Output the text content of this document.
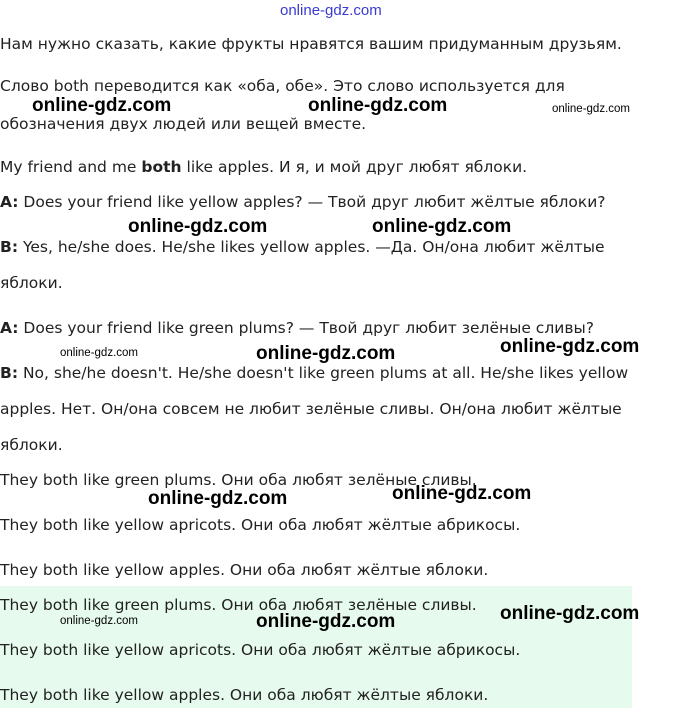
Нам нужно сказать, какие фрукты нравятся вашим придуманным друзьям.

Слово both переводится как «оба, обе». Это слово используется для

обозначения двух людей или вещей вместе.

My friend and me both like apples. И я, и мой друг любят яблоки.

A: Does your friend like yellow apples? — Твой друг любит жёлтые яблоки?

B: Yes, he/she does. He/she likes yellow apples. —Да. Он/она любит жёлтые

яблоки.

A: Does your friend like green plums? — Твой друг любит зелёные сливы?

B: No, she/he doesn't. He/she doesn't like green plums at all. He/she likes yellow

apples. Нет. Он/она совсем не любит зелёные сливы. Он/она любит жёлтые

яблоки.

They both like green plums. Они оба любят зелёные сливы.

They both like yellow apricots. Они оба любят жёлтые абрикосы.

They both like yellow apples. Они оба любят жёлтые яблоки.

They both like green plums. Они оба любят зелёные сливы.

They both like yellow apricots. Они оба любят жёлтые абрикосы.

They both like yellow apples. Они оба любят жёлтые яблоки.

online-gdz.com
online-gdz.com	online-gdz.com	online-gdz.com
online-gdz.com	online-gdz.com
online-gdz.com	online-gdz.com	online-gdz.com
online-gdz.com	online-gdz.com
online-gdz.com	online-gdz.com	online-gdz.com
